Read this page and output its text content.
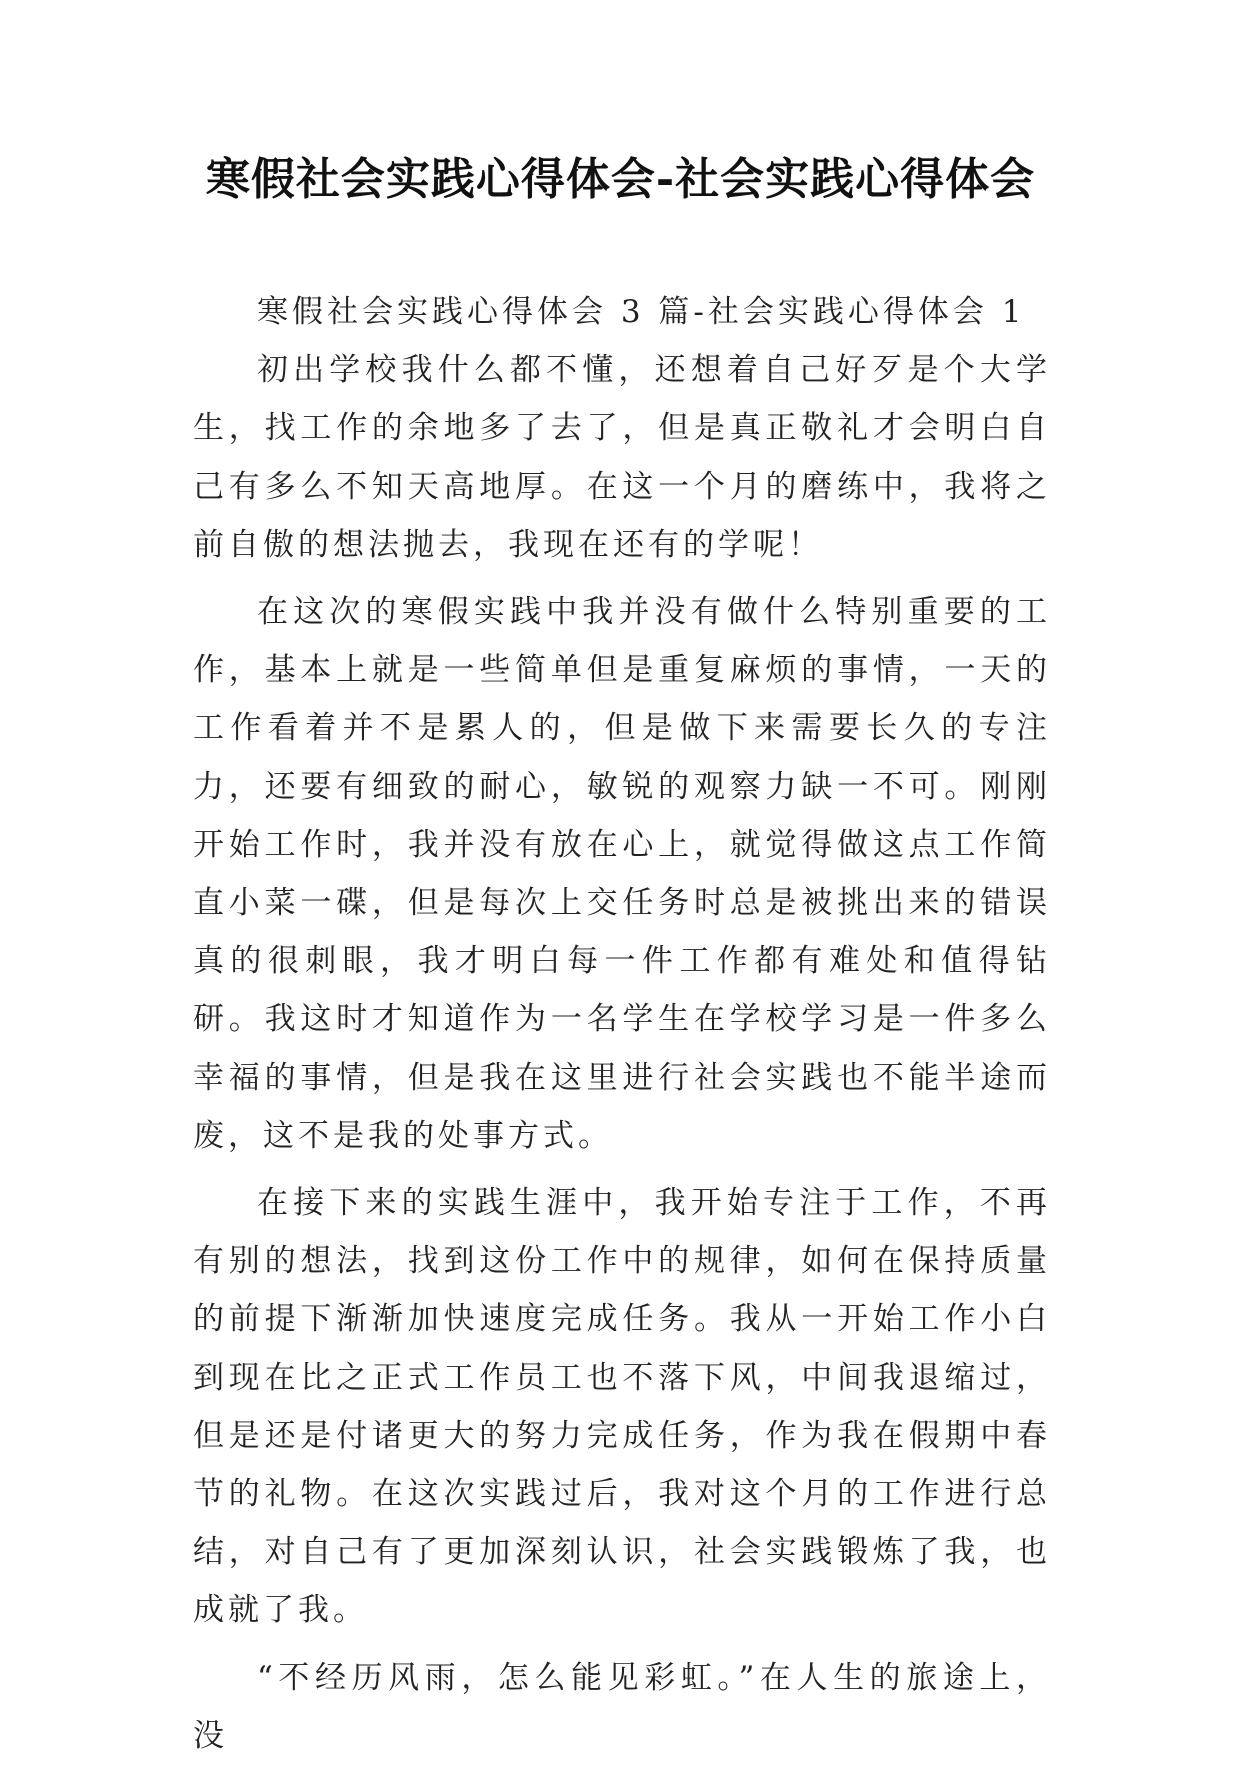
寒假社会实践心得体会-社会实践心得体会

寒假社会实践心得体会 3 篇-社会实践心得体会 1

初出学校我什么都不懂，还想着自己好歹是个大学生，找工作的余地多了去了，但是真正敬礼才会明白自己有多么不知天高地厚。在这一个月的磨练中，我将之前自傲的想法抛去，我现在还有的学呢！

在这次的寒假实践中我并没有做什么特别重要的工作，基本上就是一些简单但是重复麻烦的事情，一天的工作看着并不是累人的，但是做下来需要长久的专注力，还要有细致的耐心，敏锐的观察力缺一不可。刚刚开始工作时，我并没有放在心上，就觉得做这点工作简直小菜一碟，但是每次上交任务时总是被挑出来的错误真的很刺眼，我才明白每一件工作都有难处和值得钻研。我这时才知道作为一名学生在学校学习是一件多么幸福的事情，但是我在这里进行社会实践也不能半途而废，这不是我的处事方式。

在接下来的实践生涯中，我开始专注于工作，不再有别的想法，找到这份工作中的规律，如何在保持质量的前提下渐渐加快速度完成任务。我从一开始工作小白到现在比之正式工作员工也不落下风，中间我退缩过，但是还是付诸更大的努力完成任务，作为我在假期中春节的礼物。在这次实践过后，我对这个月的工作进行总结，对自己有了更加深刻认识，社会实践锻炼了我，也成就了我。

“不经历风雨，怎么能见彩虹。”在人生的旅途上，没
